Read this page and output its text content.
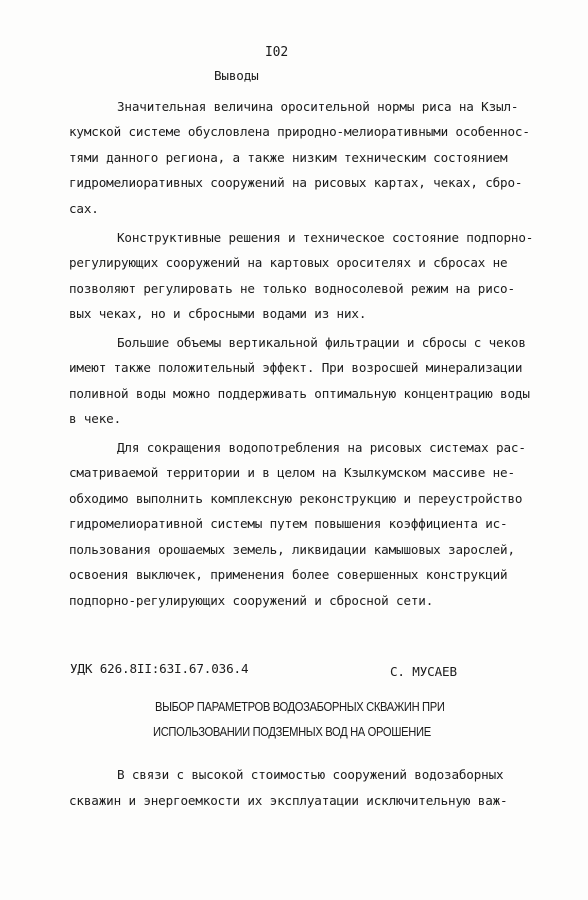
I02
Выводы
Значительная величина оросительной нормы риса на Кзыл-
кумской системе обусловлена природно-мелиоративными особеннос-
тями данного региона, а также низким техническим состоянием
гидромелиоративных сооружений на рисовых картах, чеках, сбро-
сах.
Конструктивные решения и техническое состояние подпорно-
регулирующих сооружений на картовых оросителях и сбросах не
позволяют регулировать не только водносолевой режим на рисо-
вых чеках, но и сбросными водами из них.
Большие объемы вертикальной фильтрации и сбросы с чеков
имеют также положительный эффект. При возросшей минерализации
поливной воды можно поддерживать оптимальную концентрацию воды
в чеке.
Для сокращения водопотребления на рисовых системах рас-
сматриваемой территории и в целом на Кзылкумском массиве не-
обходимо выполнить комплексную реконструкцию и переустройство
гидромелиоративной системы путем повышения коэффициента ис-
пользования орошаемых земель, ликвидации камышовых зарослей,
освоения выключек, применения более совершенных конструкций
подпорно-регулирующих сооружений и сбросной сети.
УДК 626.8II:63I.67.036.4	С. МУСАЕВ
ВЫБОР ПАРАМЕТРОВ ВОДОЗАБОРНЫХ СКВАЖИН ПРИ
ИСПОЛЬЗОВАНИИ ПОДЗЕМНЫХ ВОД НА ОРОШЕНИЕ
В связи с высокой стоимостью сооружений водозаборных
скважин и энергоемкости их эксплуатации исключительную важ-
